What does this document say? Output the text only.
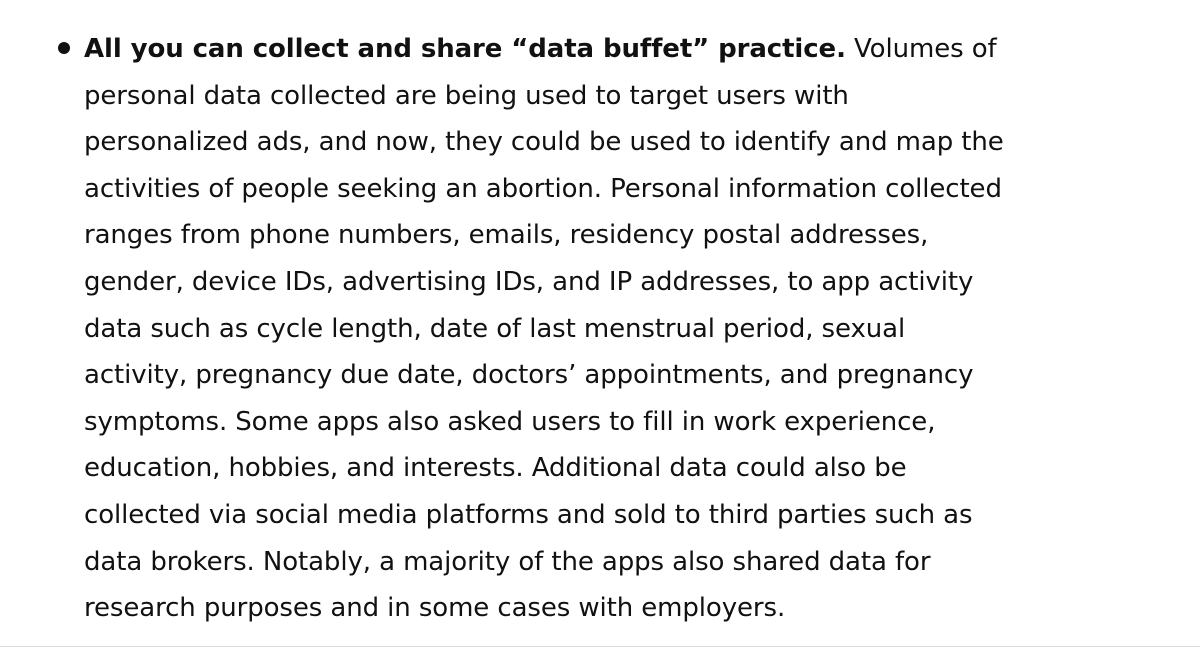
All you can collect and share “data buffet” practice. Volumes of
personal data collected are being used to target users with
personalized ads, and now, they could be used to identify and map the
activities of people seeking an abortion. Personal information collected
ranges from phone numbers, emails, residency postal addresses,
gender, device IDs, advertising IDs, and IP addresses, to app activity
data such as cycle length, date of last menstrual period, sexual
activity, pregnancy due date, doctors’ appointments, and pregnancy
symptoms. Some apps also asked users to fill in work experience,
education, hobbies, and interests. Additional data could also be
collected via social media platforms and sold to third parties such as
data brokers. Notably, a majority of the apps also shared data for
research purposes and in some cases with employers.
